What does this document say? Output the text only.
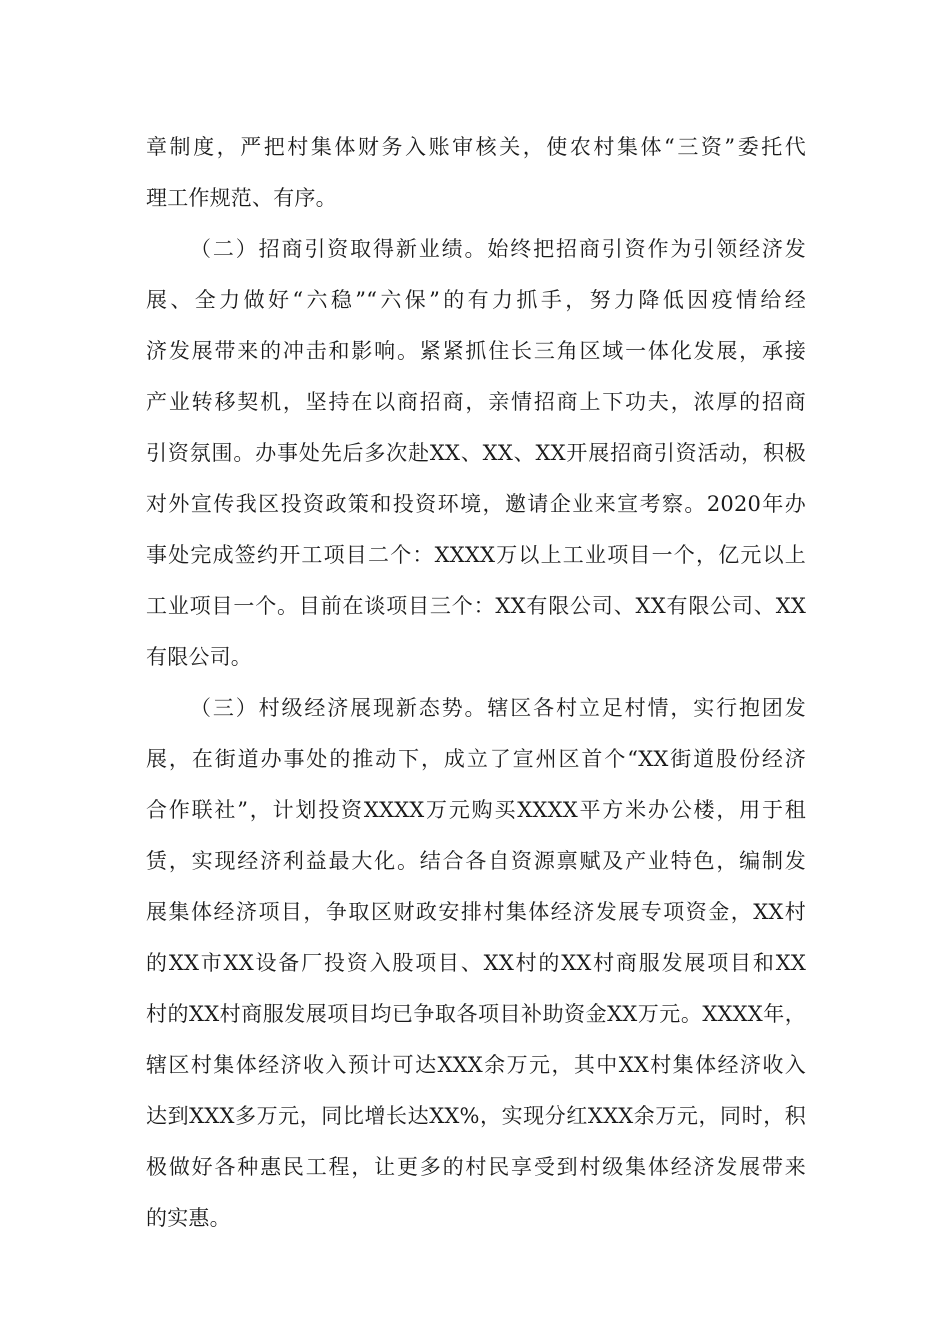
章制度，严把村集体财务入账审核关，使农村集体“三资”委托代
理工作规范、有序。
（二）招商引资取得新业绩。始终把招商引资作为引领经济发
展、全力做好“六稳”“六保”的有力抓手，努力降低因疫情给经
济发展带来的冲击和影响。紧紧抓住长三角区域一体化发展，承接
产业转移契机，坚持在以商招商，亲情招商上下功夫，浓厚的招商
引资氛围。办事处先后多次赴XX、XX、XX开展招商引资活动，积极
对外宣传我区投资政策和投资环境，邀请企业来宣考察。2020年办
事处完成签约开工项目二个：XXXX万以上工业项目一个，亿元以上
工业项目一个。目前在谈项目三个：XX有限公司、XX有限公司、XX
有限公司。
（三）村级经济展现新态势。辖区各村立足村情，实行抱团发
展，在街道办事处的推动下，成立了宣州区首个“XX街道股份经济
合作联社”，计划投资XXXX万元购买XXXX平方米办公楼，用于租
赁，实现经济利益最大化。结合各自资源禀赋及产业特色，编制发
展集体经济项目，争取区财政安排村集体经济发展专项资金，XX村
的XX市XX设备厂投资入股项目、XX村的XX村商服发展项目和XX
村的XX村商服发展项目均已争取各项目补助资金XX万元。XXXX年，
辖区村集体经济收入预计可达XXX余万元，其中XX村集体经济收入
达到XXX多万元，同比增长达XX%，实现分红XXX余万元，同时，积
极做好各种惠民工程，让更多的村民享受到村级集体经济发展带来
的实惠。
